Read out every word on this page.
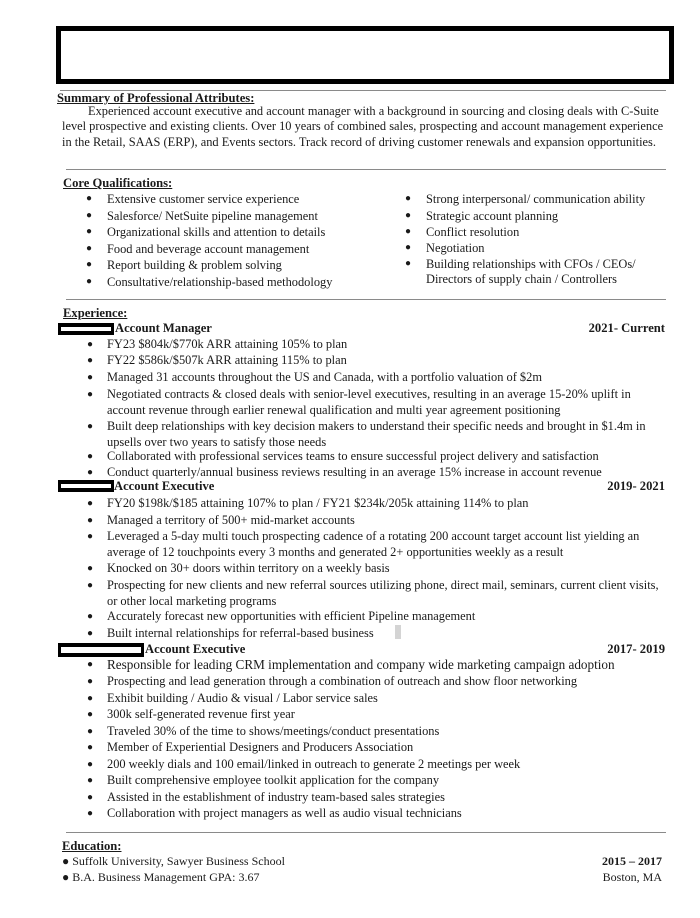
Summary of Professional Attributes:
Experienced account executive and account manager with a background in sourcing and closing deals with C-Suite level prospective and existing clients. Over 10 years of combined sales, prospecting and account management experience in the Retail, SAAS (ERP), and Events sectors. Track record of driving customer renewals and expansion opportunities.
Core Qualifications:
● Extensive customer service experience
● Salesforce/ NetSuite pipeline management
● Organizational skills and attention to details
● Food and beverage account management
● Report building & problem solving
● Consultative/relationship-based methodology
● Strong interpersonal/ communication ability
● Strategic account planning
● Conflict resolution
● Negotiation
● Building relationships with CFOs / CEOs/
Directors of supply chain / Controllers
Experience:
Account Manager	2021- Current
● FY23 $804k/$770k ARR attaining 105% to plan
● FY22 $586k/$507k ARR attaining 115% to plan
● Managed 31 accounts throughout the US and Canada, with a portfolio valuation of $2m
● Negotiated contracts & closed deals with senior-level executives, resulting in an average 15-20% uplift in account revenue through earlier renewal qualification and multi year agreement positioning
● Built deep relationships with key decision makers to understand their specific needs and brought in $1.4m in upsells over two years to satisfy those needs
● Collaborated with professional services teams to ensure successful project delivery and satisfaction
● Conduct quarterly/annual business reviews resulting in an average 15% increase in account revenue
Account Executive	2019- 2021
● FY20 $198k/$185 attaining 107% to plan / FY21 $234k/205k attaining 114% to plan
● Managed a territory of 500+ mid-market accounts
● Leveraged a 5-day multi touch prospecting cadence of a rotating 200 account target account list yielding an average of 12 touchpoints every 3 months and generated 2+ opportunities weekly as a result
● Knocked on 30+ doors within territory on a weekly basis
● Prospecting for new clients and new referral sources utilizing phone, direct mail, seminars, current client visits, or other local marketing programs
● Accurately forecast new opportunities with efficient Pipeline management
● Built internal relationships for referral-based business
Account Executive	2017- 2019
● Responsible for leading CRM implementation and company wide marketing campaign adoption
● Prospecting and lead generation through a combination of outreach and show floor networking
● Exhibit building / Audio & visual / Labor service sales
● 300k self-generated revenue first year
● Traveled 30% of the time to shows/meetings/conduct presentations
● Member of Experiential Designers and Producers Association
● 200 weekly dials and 100 email/linked in outreach to generate 2 meetings per week
● Built comprehensive employee toolkit application for the company
● Assisted in the establishment of industry team-based sales strategies
● Collaboration with project managers as well as audio visual technicians
Education:
● Suffolk University, Sawyer Business School	2015 – 2017
● B.A. Business Management GPA: 3.67	Boston, MA
